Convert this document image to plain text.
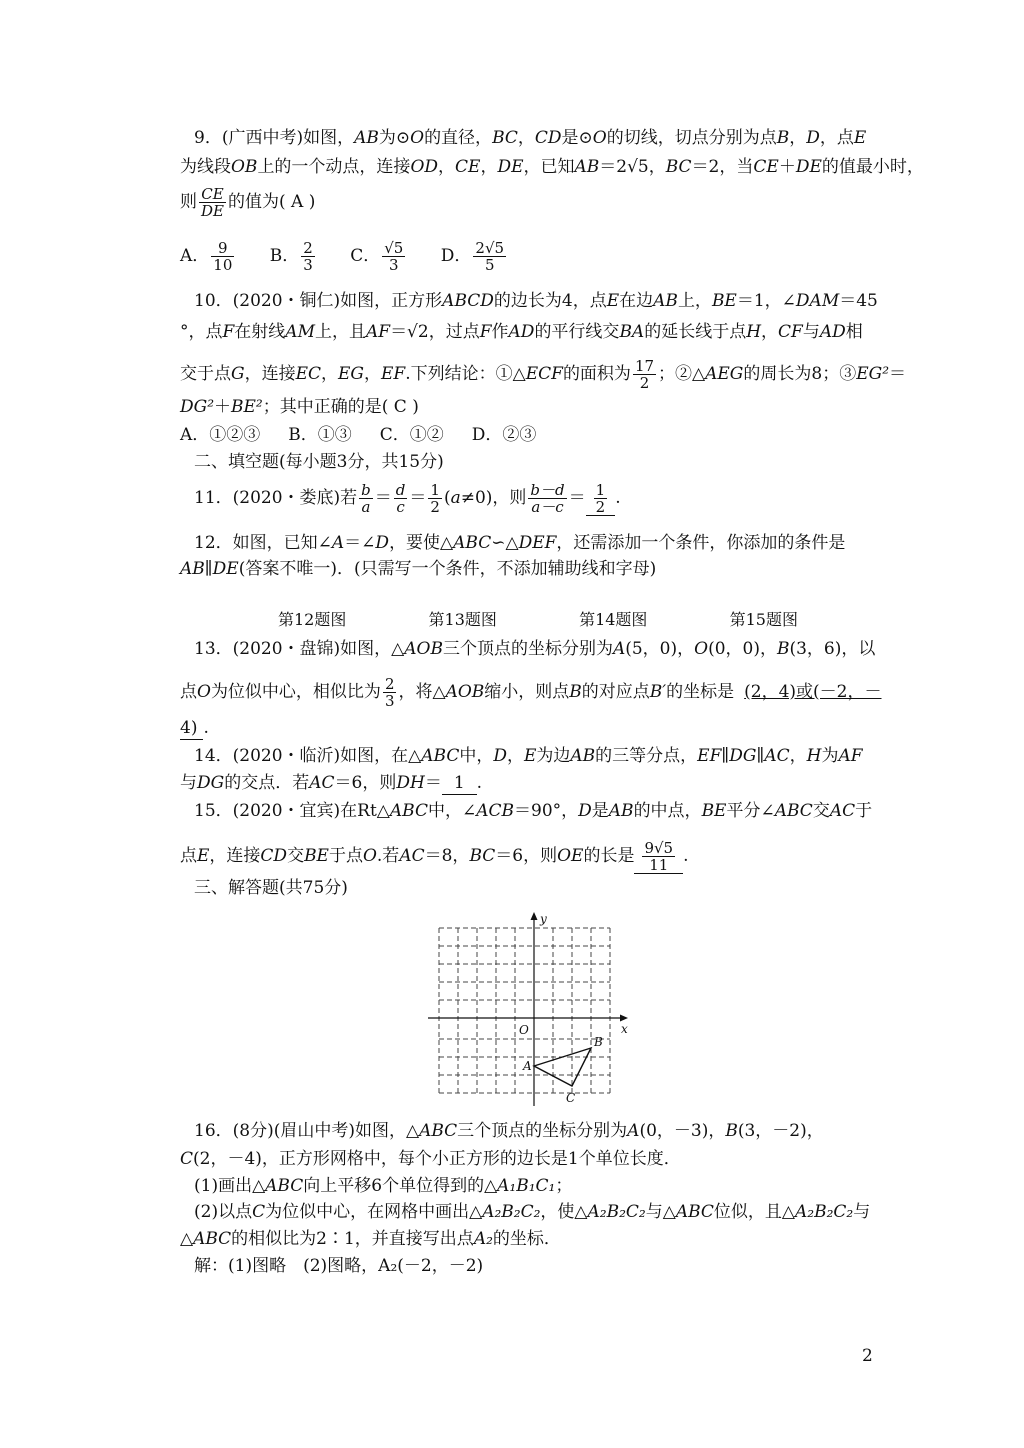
9．(广西中考)如图，AB为⊙O的直径，BC，CD是⊙O的切线，切点分别为点B，D，点E
为线段OB上的一个动点，连接OD，CE，DE，已知AB＝2√5，BC＝2，当CE＋DE的值最小时，
则 $\frac{CE}{DE}$ 的值为( A )
A． $\frac{9}{10}$ B． $\frac{2}{3}$ C． $\frac{√5}{3}$ D． $\frac{2√5}{5}$
10．(2020・铜仁)如图，正方形ABCD的边长为4，点E在边AB上，BE＝1，∠DAM＝45
°，点F在射线AM上，且AF＝√2，过点F作AD的平行线交BA的延长线于点H，CF与AD相
交于点G，连接EC，EG，EF.下列结论：①△ECF的面积为 $\frac{17}{2}$ ；②△AEG的周长为8；③EG²＝
DG²＋BE²；其中正确的是( C )
A．①②③ B．①③ C．①② D．②③
二、填空题(每小题3分，共15分)
11．(2020・娄底)若 $\frac{b}{a} = \frac{d}{c} = \frac{1}{2} (a\ne 0)$，则 $\frac{b-d}{a-c} = \frac{1}{2}$ .
12．如图，已知∠A＝∠D，要使△ABC∽△DEF，还需添加一个条件，你添加的条件是
AB∥DE(答案不唯一)．(只需写一个条件，不添加辅助线和字母)
第12题图	第13题图	第14题图	第15题图
13．(2020・盘锦)如图，△AOB三个顶点的坐标分别为A(5，0)，O(0，0)，B(3，6)，以
点O为位似中心，相似比为 $\frac{2}{3}$ ，将△AOB缩小，则点B的对应点B′的坐标是 (2，4)或(－2，－
4) .
14．(2020・临沂)如图，在△ABC中，D，E为边AB的三等分点，EF∥DG∥AC，H为AF
与DG的交点．若AC＝6，则DH＝ 1 .
15．(2020・宜宾)在Rt△ABC中，∠ACB＝90°，D是AB的中点，BE平分∠ABC交AC于
点E，连接CD交BE于点O.若AC＝8，BC＝6，则OE的长是 $\frac{9√5}{11}$ .
三、解答题(共75分)
y
x
O
A
B
C
16．(8分)(眉山中考)如图，△ABC三个顶点的坐标分别为A(0，－3)，B(3，－2)，
C(2，－4)，正方形网格中，每个小正方形的边长是1个单位长度．
(1)画出△ABC向上平移6个单位得到的△A₁B₁C₁；
(2)以点C为位似中心，在网格中画出△A₂B₂C₂，使△A₂B₂C₂与△ABC位似，且△A₂B₂C₂与
△ABC的相似比为2∶1，并直接写出点A₂的坐标．
解：(1)图略　(2)图略，A₂(－2，－2)
2
